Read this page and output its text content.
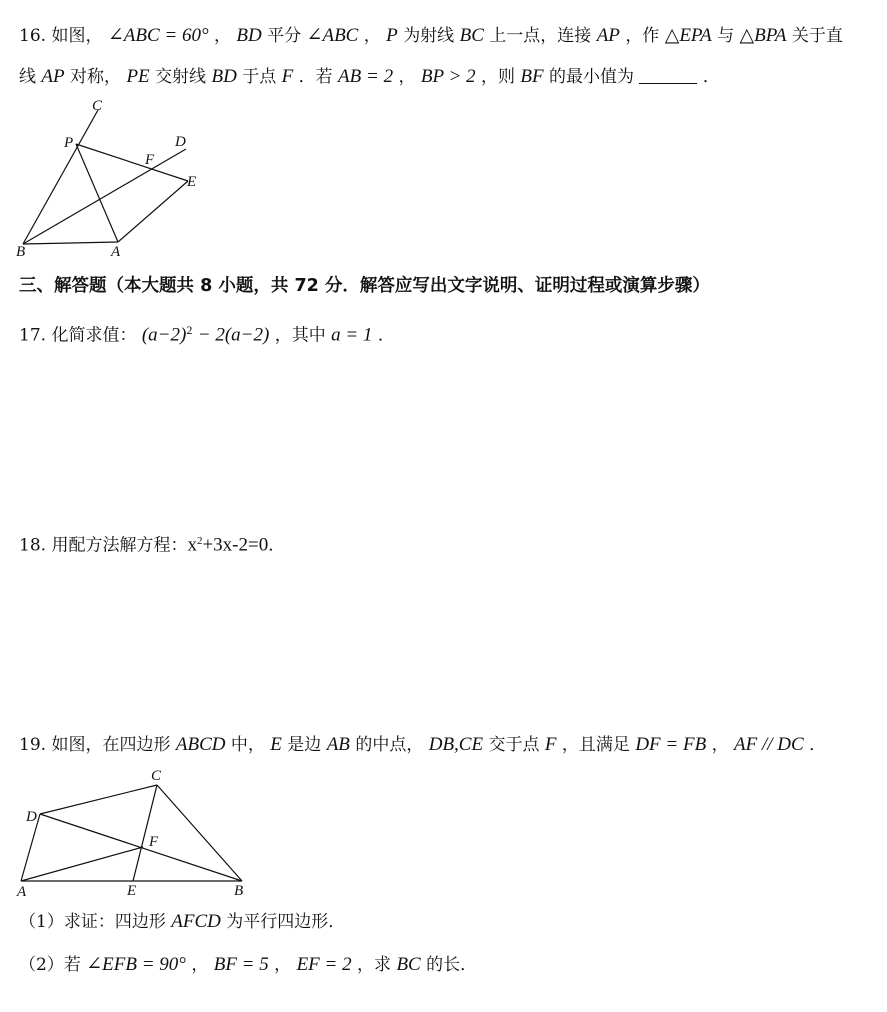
16. 如图， ∠ABC = 60° ， BD 平分 ∠ABC ， P 为射线 BC 上一点，连接 AP ，作 △EPA 与 △BPA 关于直
线 AP 对称， PE 交射线 BD 于点 F ．若 AB = 2 ， BP > 2 ，则 BF 的最小值为	．
C
P	D
F
E
B	A
三、解答题（本大题共 8 小题，共 72 分．解答应写出文字说明、证明过程或演算步骤）
17. 化简求值： $(a-2)^2 - 2(a-2)$ ，其中 a = 1 ．
18. 用配方法解方程：$x^2+3x-2=0$．
19. 如图，在四边形 ABCD 中， E 是边 AB 的中点， DB,CE 交于点 F ，且满足 DF = FB ， AF // DC ．
C
D
F
A	E	B
（1）求证：四边形 AFCD 为平行四边形．
（2）若 ∠EFB = 90° ， BF = 5 ， EF = 2 ，求 BC 的长．
